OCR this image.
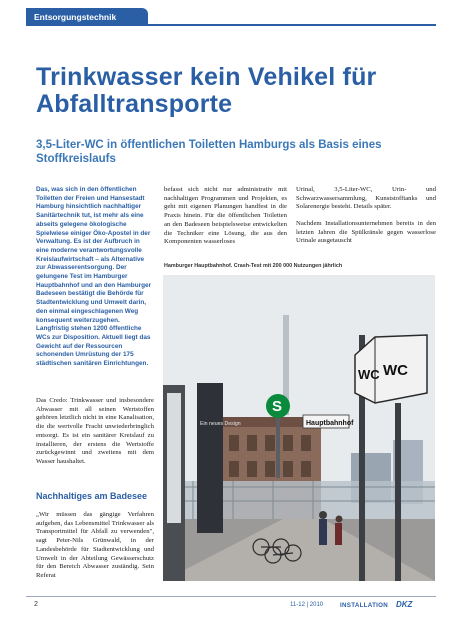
Entsorgungstechnik
Trinkwasser kein Vehikel für Abfalltransporte
3,5-Liter-WC in öffentlichen Toiletten Hamburgs als Basis eines Stoffkreislaufs

Das, was sich in den öffentlichen Toiletten der Freien und Hansestadt Hamburg hinsichtlich nachhaltiger Sanitärtechnik tut, ist mehr als eine abseits gelegene ökologische Spielwiese einiger Öko-Apostel in der Verwaltung. Es ist der Aufbruch in eine moderne verantwortungsvolle Kreislaufwirtschaft – als Alternative zur Abwasserentsorgung. Der gelungene Test im Hamburger Hauptbahnhof und an den Hamburger Badeseen bestätigt die Behörde für Stadtentwicklung und Umwelt darin, den einmal eingeschlagenen Weg konsequent weiterzugehen. Langfristig stehen 1200 öffentliche WCs zur Disposition. Aktuell liegt das Gewicht auf der Ressourcen schonenden Umrüstung der 175 städtischen sanitären Einrichtungen.

Das Credo: Trinkwasser und insbesondere Abwasser mit all seinen Wertstoffen gehören letztlich nicht in eine Kanalisation, die die wertvolle Fracht unwiederbringlich entsorgt. Es ist ein sanitärer Kreislauf zu installieren, der erstens die Wertstoffe zurückgewinnt und zweitens mit dem Wasser haushaltet.

Nachhaltiges am Badesee

„Wir müssen das gängige Verfahren aufgeben, das Lebensmittel Trinkwasser als Transportmittel für Abfall zu verwenden", sagt Peter-Nils Grünwald, in der Landesbehörde für Stadtentwicklung und Umwelt in der Abteilung Gewässerschutz für den Bereich Abwasser zuständig. Sein Referat

befasst sich nicht nur administrativ mit nachhaltigen Programmen und Projekten, es geht mit eigenen Planungen handfest in die Praxis hinein. Für die öffentlichen Toiletten an den Badeseen beispielsweise entwickelten die Techniker eine Lösung, die aus den Komponenten wasserloses

Urinal, 3,5-Liter-WC, Urin- und Schwarzwassersammlung, Kunststofftanks und Solarenergie besteht. Details später.

Nachdem Installationsunternehmen bereits in den letzten Jahren die Spülkränsle gegen wasserlose Urinale ausgetauscht

Hamburger Hauptbahnhof. Crash-Test mit 200 000 Nutzungen jährlich
Ein neues Design
S
Hauptbahnhof
WC WC
2	11-12 | 2010	INSTALLATION DKZ
